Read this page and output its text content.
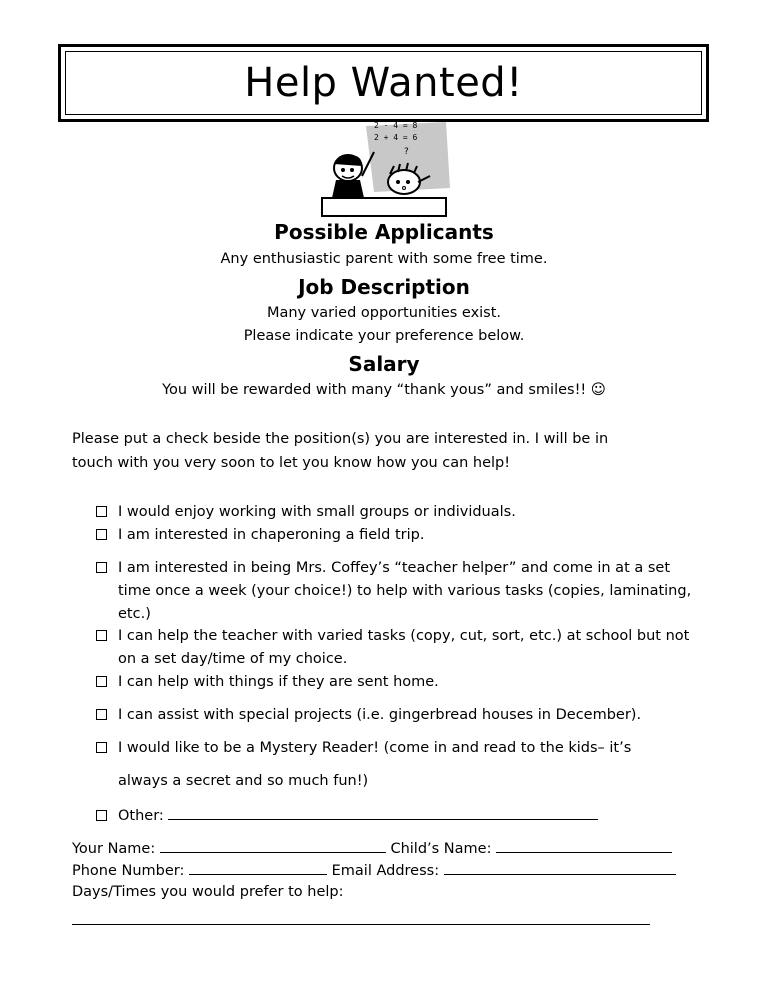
Help Wanted!
2 · 4 = 8
2 + 4 = 6
?
Possible Applicants
Any enthusiastic parent with some free time.
Job Description
Many varied opportunities exist.
Please indicate your preference below.
Salary
You will be rewarded with many “thank yous” and smiles!! ☺
Please put a check beside the position(s) you are interested in. I will be in
touch with you very soon to let you know how you can help!
I would enjoy working with small groups or individuals.
I am interested in chaperoning a field trip.
I am interested in being Mrs. Coffey’s “teacher helper” and come in at a set time once a week (your choice!) to help with various tasks (copies, laminating, etc.)
I can help the teacher with varied tasks (copy, cut, sort, etc.) at school but not on a set day/time of my choice.
I can help with things if they are sent home.
I can assist with special projects (i.e. gingerbread houses in December).
I would like to be a Mystery Reader! (come in and read to the kids– it’s
always a secret and so much fun!)
Other:
Your Name:	Child’s Name:
Phone Number:	Email Address:
Days/Times you would prefer to help:
